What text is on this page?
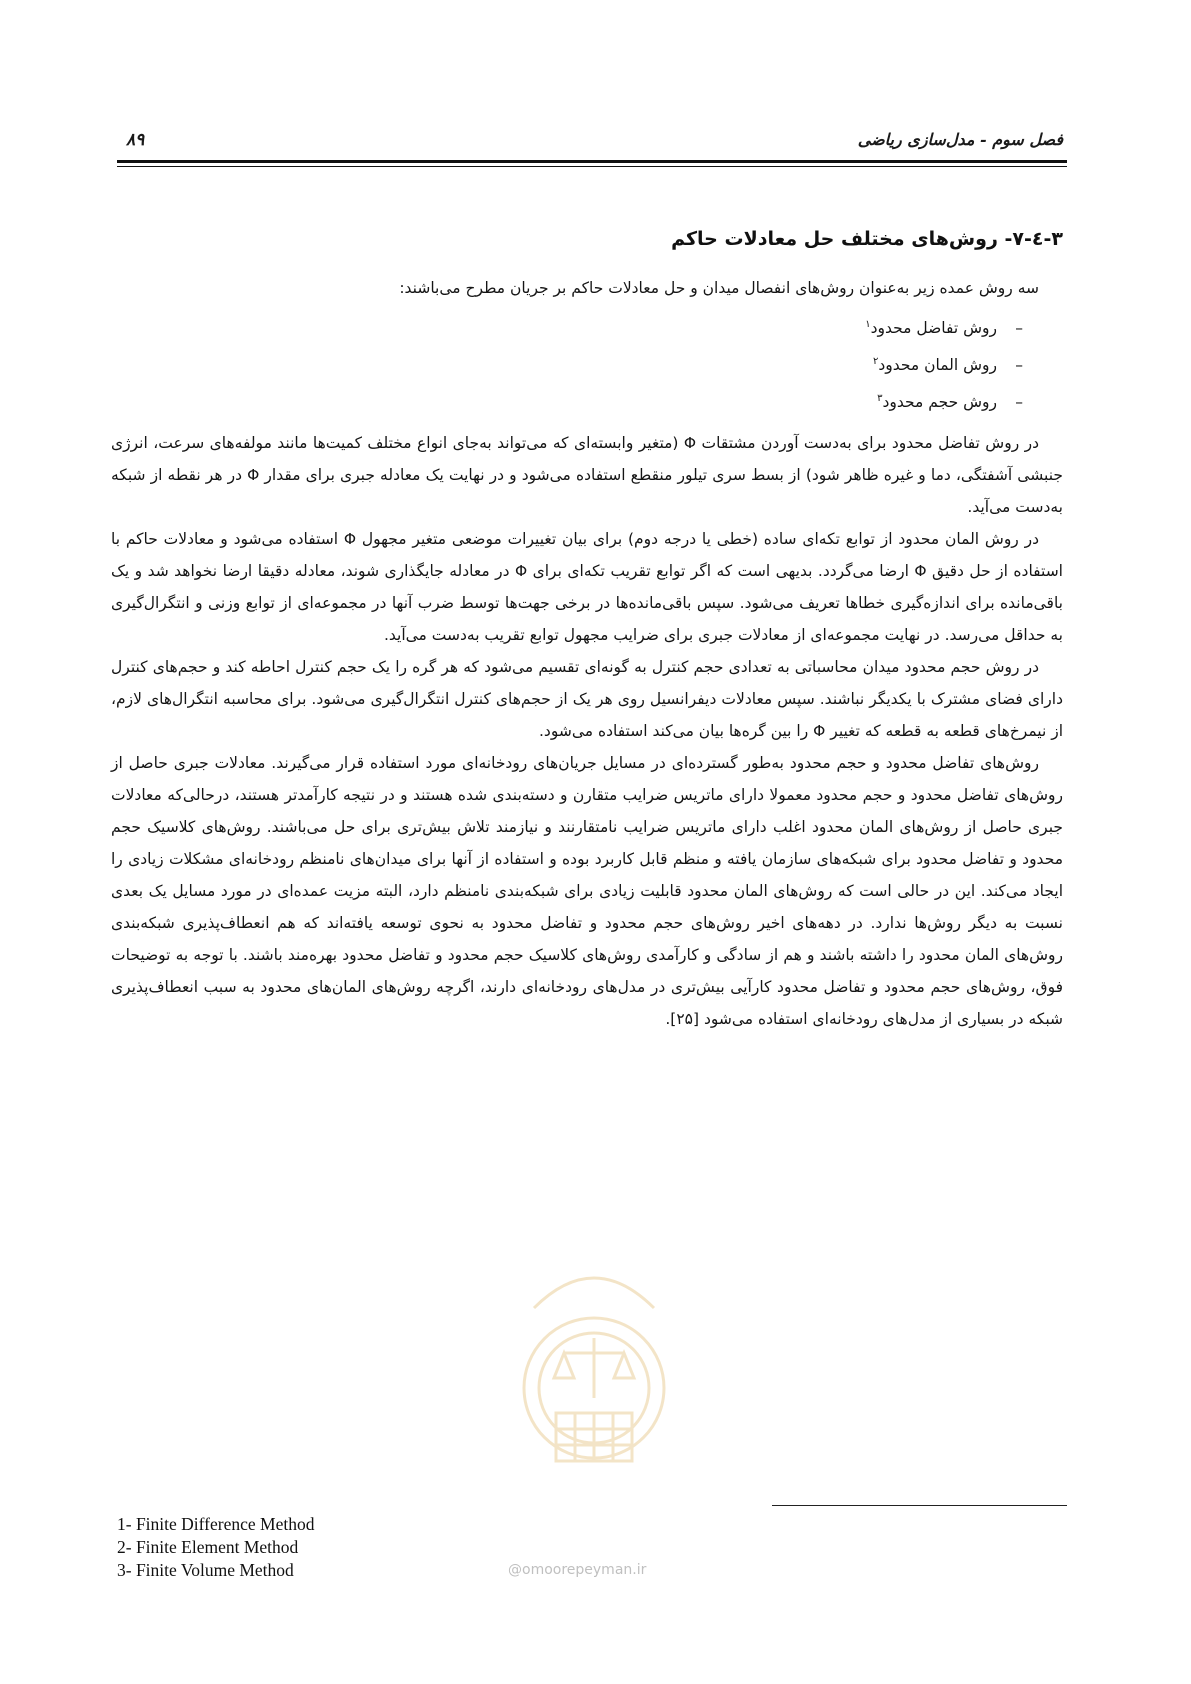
فصل سوم - مدل‌سازی ریاضی
۸۹
۳-٤-۷- روش‌های مختلف حل معادلات حاکم

سه روش عمده زیر به‌عنوان روش‌های انفصال میدان و حل معادلات حاکم بر جریان مطرح می‌باشند:

–روش تفاضل محدود$^۱$
–روش المان محدود$^۲$
–روش حجم محدود$^۳$

در روش تفاضل محدود برای به‌دست آوردن مشتقات Φ (متغیر وابسته‌ای که می‌تواند به‌جای انواع مختلف کمیت‌ها مانند مولفه‌های سرعت، انرژی جنبشی آشفتگی، دما و غیره ظاهر شود) از بسط سری تیلور منقطع استفاده می‌شود و در نهایت یک معادله جبری برای مقدار Φ در هر نقطه از شبکه به‌دست می‌آید.

در روش المان محدود از توابع تکه‌ای ساده (خطی یا درجه دوم) برای بیان تغییرات موضعی متغیر مجهول Φ استفاده می‌شود و معادلات حاکم با استفاده از حل دقیق Φ ارضا می‌گردد. بدیهی است که اگر توابع تقریب تکه‌ای برای Φ در معادله جایگذاری شوند، معادله دقیقا ارضا نخواهد شد و یک باقی‌مانده برای اندازه‌گیری خطاها تعریف می‌شود. سپس باقی‌مانده‌ها در برخی جهت‌ها توسط ضرب آنها در مجموعه‌ای از توابع وزنی و انتگرال‌گیری به حداقل می‌رسد. در نهایت مجموعه‌ای از معادلات جبری برای ضرایب مجهول توابع تقریب به‌دست می‌آید.

در روش حجم محدود میدان محاسباتی به تعدادی حجم کنترل به گونه‌ای تقسیم می‌شود که هر گره را یک حجم کنترل احاطه کند و حجم‌های کنترل دارای فضای مشترک با یکدیگر نباشند. سپس معادلات دیفرانسیل روی هر یک از حجم‌های کنترل انتگرال‌گیری می‌شود. برای محاسبه انتگرال‌های لازم، از نیمرخ‌های قطعه به قطعه که تغییر Φ را بین گره‌ها بیان می‌کند استفاده می‌شود.

روش‌های تفاضل محدود و حجم محدود به‌طور گسترده‌ای در مسایل جریان‌های رودخانه‌ای مورد استفاده قرار می‌گیرند. معادلات جبری حاصل از روش‌های تفاضل محدود و حجم محدود معمولا دارای ماتریس ضرایب متقارن و دسته‌بندی شده هستند و در نتیجه کارآمدتر هستند، درحالی‌که معادلات جبری حاصل از روش‌های المان محدود اغلب دارای ماتریس ضرایب نامتقارنند و نیازمند تلاش بیش‌تری برای حل می‌باشند. روش‌های کلاسیک حجم محدود و تفاضل محدود برای شبکه‌های سازمان یافته و منظم قابل کاربرد بوده و استفاده از آنها برای میدان‌های نامنظم رودخانه‌ای مشکلات زیادی را ایجاد می‌کند. این در حالی است که روش‌های المان محدود قابلیت زیادی برای شبکه‌بندی نامنظم دارد، البته مزیت عمده‌ای در مورد مسایل یک بعدی نسبت به دیگر روش‌ها ندارد. در دهه‌های اخیر روش‌های حجم محدود و تفاضل محدود به نحوی توسعه یافته‌اند که هم انعطاف‌پذیری شبکه‌بندی روش‌های المان محدود را داشته باشند و هم از سادگی و کارآمدی روش‌های کلاسیک حجم محدود و تفاضل محدود بهره‌مند باشند. با توجه به توضیحات فوق، روش‌های حجم محدود و تفاضل محدود کارآیی بیش‌تری در مدل‌های رودخانه‌ای دارند، اگرچه روش‌های المان‌های محدود به سبب انعطاف‌پذیری شبکه در بسیاری از مدل‌های رودخانه‌ای استفاده می‌شود [۲۵].

@omoorepeyman.ir
1- Finite Difference Method
2- Finite Element Method
3- Finite Volume Method
